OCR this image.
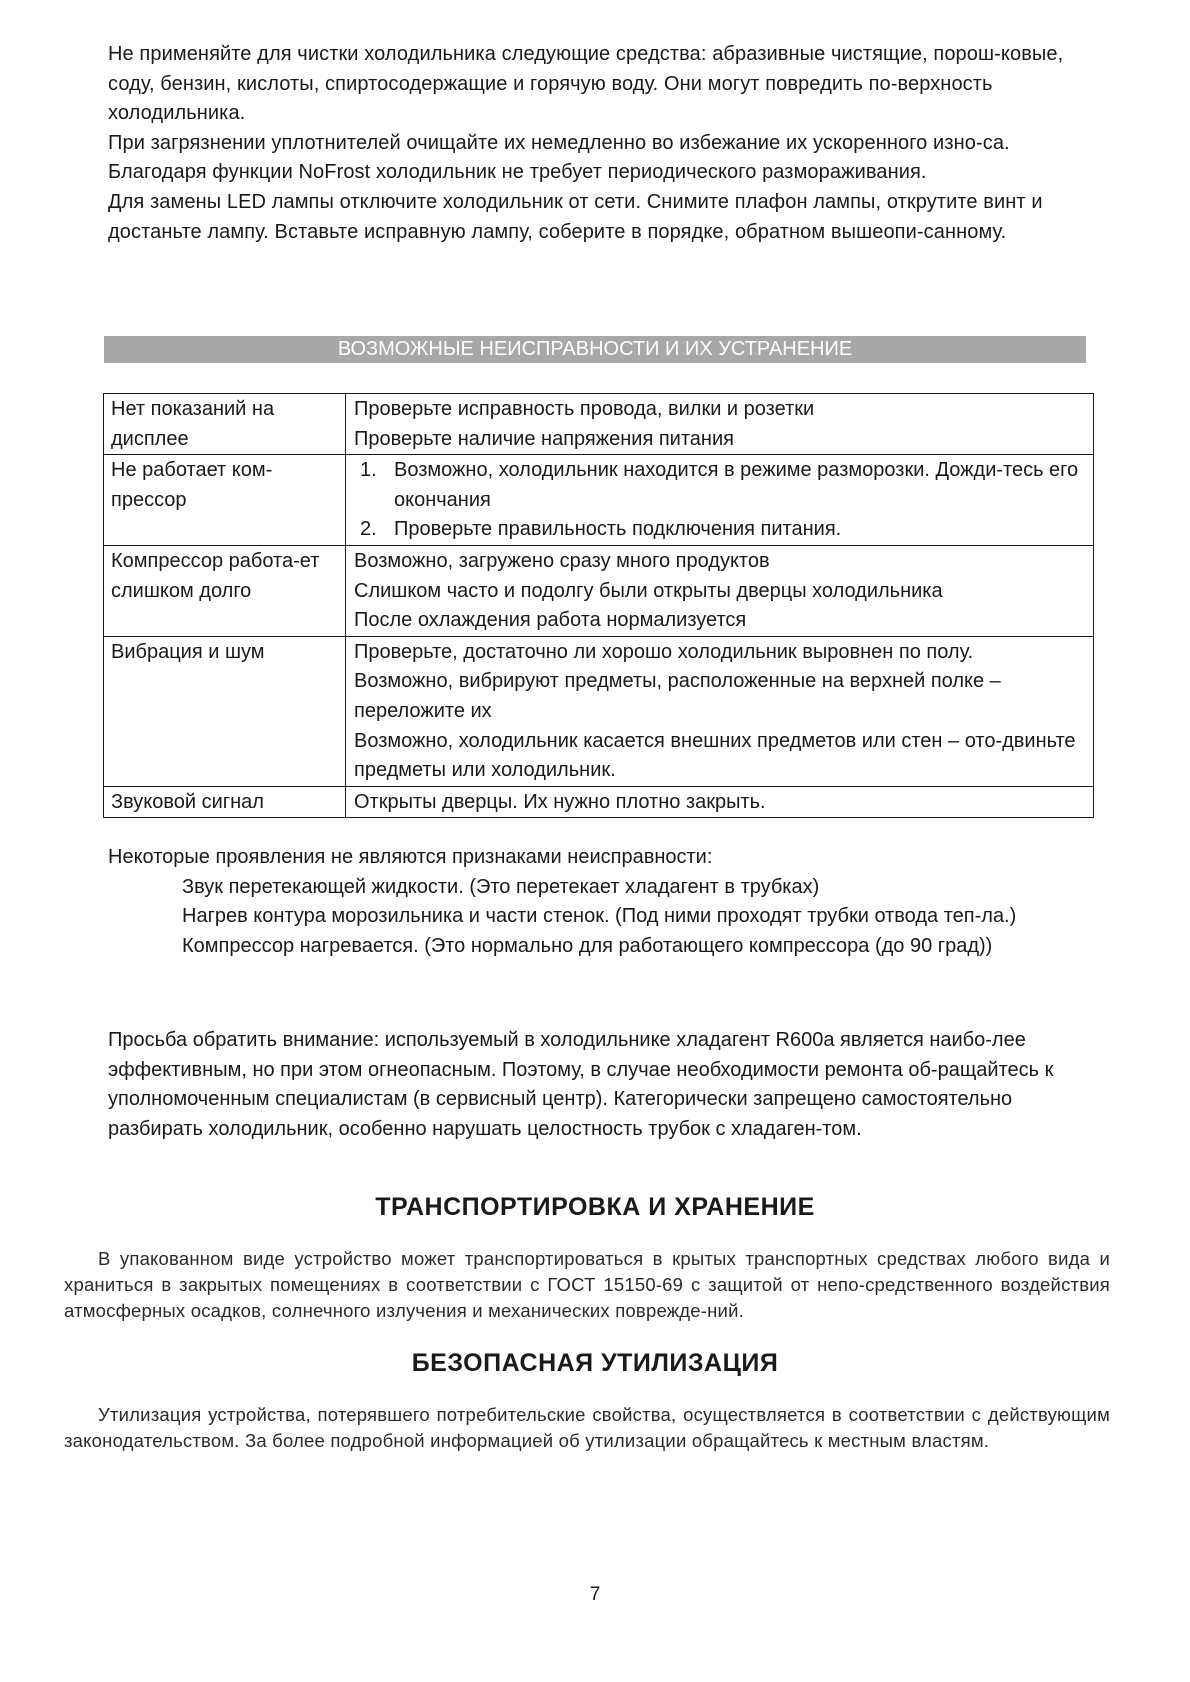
Не применяйте для чистки холодильника следующие средства: абразивные чистящие, порош-ковые, соду, бензин, кислоты, спиртосодержащие и горячую воду. Они могут повредить по-верхность холодильника.

При загрязнении уплотнителей очищайте их немедленно во избежание их ускоренного изно-са.

Благодаря функции NoFrost холодильник не требует периодического размораживания.

Для замены LED лампы отключите холодильник от сети. Снимите плафон лампы, открутите винт и достаньте лампу. Вставьте исправную лампу, соберите в порядке, обратном вышеопи-санному.

ВОЗМОЖНЫЕ НЕИСПРАВНОСТИ И ИХ УСТРАНЕНИЕ
Нет показаний на дисплее	Проверьте исправность провода, вилки и розетки

Проверьте наличие напряжения питания

Не работает ком-прессор	1. Возможно, холодильник находится в режиме разморозки. Дожди-тесь его окончания
2. Проверьте правильность подключения питания.

Компрессор работа-ет слишком долго	Возможно, загружено сразу много продуктов

Слишком часто и подолгу были открыты дверцы холодильника

После охлаждения работа нормализуется

Вибрация и шум	Проверьте, достаточно ли хорошо холодильник выровнен по полу.

Возможно, вибрируют предметы, расположенные на верхней полке – переложите их

Возможно, холодильник касается внешних предметов или стен – ото-двиньте предметы или холодильник.

Звуковой сигнал	Открыты дверцы. Их нужно плотно закрыть.

Некоторые проявления не являются признаками неисправности:

Звук перетекающей жидкости. (Это перетекает хладагент в трубках)
Нагрев контура морозильника и части стенок. (Под ними проходят трубки отвода теп-ла.)
Компрессор нагревается. (Это нормально для работающего компрессора (до 90 град))

Просьба обратить внимание: используемый в холодильнике хладагент R600a является наибо-лее эффективным, но при этом огнеопасным. Поэтому, в случае необходимости ремонта об-ращайтесь к уполномоченным специалистам (в сервисный центр). Категорически запрещено самостоятельно разбирать холодильник, особенно нарушать целостность трубок с хладаген-том.

ТРАНСПОРТИРОВКА И ХРАНЕНИЕ

В упакованном виде устройство может транспортироваться в крытых транспортных средствах любого вида и храниться в закрытых помещениях в соответствии с ГОСТ 15150-69 с защитой от непо-средственного воздействия атмосферных осадков, солнечного излучения и механических поврежде-ний.

БЕЗОПАСНАЯ УТИЛИЗАЦИЯ

Утилизация устройства, потерявшего потребительские свойства, осуществляется в соответствии с действующим законодательством. За более подробной информацией об утилизации обращайтесь к местным властям.

7
